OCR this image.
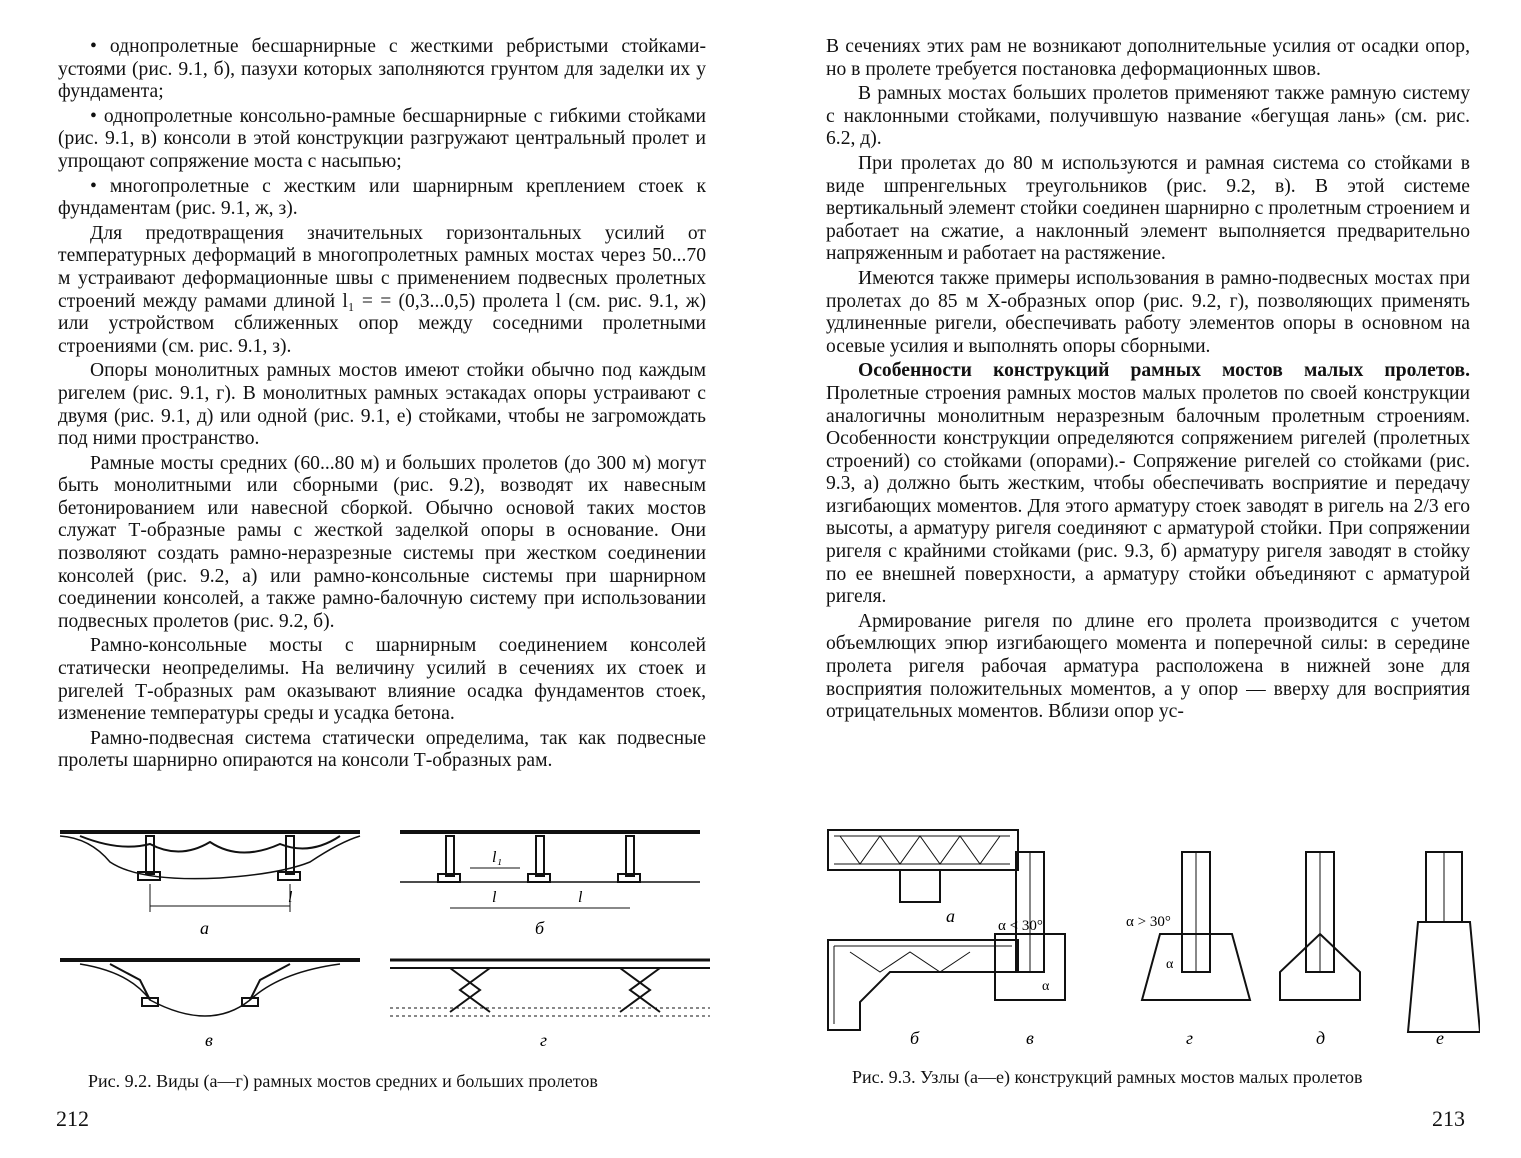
• однопролетные бесшарнирные с жесткими ребристыми стойками-устоями (рис. 9.1, б), пазухи которых заполняются грунтом для заделки их у фундамента;

• однопролетные консольно-рамные бесшарнирные с гибкими стойками (рис. 9.1, в) консоли в этой конструкции разгружают центральный пролет и упрощают сопряжение моста с насыпью;

• многопролетные с жестким или шарнирным креплением стоек к фундаментам (рис. 9.1, ж, з).

Для предотвращения значительных горизонтальных усилий от температурных деформаций в многопролетных рамных мостах через 50...70 м устраивают деформационные швы с применением подвесных пролетных строений между рамами длиной l₁ = = (0,3...0,5) пролета l (см. рис. 9.1, ж) или устройством сближенных опор между соседними пролетными строениями (см. рис. 9.1, з).

Опоры монолитных рамных мостов имеют стойки обычно под каждым ригелем (рис. 9.1, г). В монолитных рамных эстакадах опоры устраивают с двумя (рис. 9.1, д) или одной (рис. 9.1, е) стойками, чтобы не загромождать под ними пространство.

Рамные мосты средних (60...80 м) и больших пролетов (до 300 м) могут быть монолитными или сборными (рис. 9.2), возводят их навесным бетонированием или навесной сборкой. Обычно основой таких мостов служат Т-образные рамы с жесткой заделкой опоры в основание. Они позволяют создать рамно-неразрезные системы при жестком соединении консолей (рис. 9.2, а) или рамно-консольные системы при шарнирном соединении консолей, а также рамно-балочную систему при использовании подвесных пролетов (рис. 9.2, б).

Рамно-консольные мосты с шарнирным соединением консолей статически неопределимы. На величину усилий в сечениях их стоек и ригелей Т-образных рам оказывают влияние осадка фундаментов стоек, изменение температуры среды и усадка бетона.

Рамно-подвесная система статически определима, так как подвесные пролеты шарнирно опираются на консоли Т-образных рам.

l
l₁
l	l
а	б
в	г
Рис. 9.2. Виды (а—г) рамных мостов средних и больших пролетов
212

В сечениях этих рам не возникают дополнительные усилия от осадки опор, но в пролете требуется постановка деформационных швов.

В рамных мостах больших пролетов применяют также рамную систему с наклонными стойками, получившую название «бегущая лань» (см. рис. 6.2, д).

При пролетах до 80 м используются и рамная система со стойками в виде шпренгельных треугольников (рис. 9.2, в). В этой системе вертикальный элемент стойки соединен шарнирно с пролетным строением и работает на сжатие, а наклонный элемент выполняется предварительно напряженным и работает на растяжение.

Имеются также примеры использования в рамно-подвесных мостах при пролетах до 85 м Х-образных опор (рис. 9.2, г), позволяющих применять удлиненные ригели, обеспечивать работу элементов опоры в основном на осевые усилия и выполнять опоры сборными.

Особенности конструкций рамных мостов малых пролетов. Пролетные строения рамных мостов малых пролетов по своей конструкции аналогичны монолитным неразрезным балочным пролетным строениям. Особенности конструкции определяются сопряжением ригелей (пролетных строений) со стойками (опорами).- Сопряжение ригелей со стойками (рис. 9.3, а) должно быть жестким, чтобы обеспечивать восприятие и передачу изгибающих моментов. Для этого арматуру стоек заводят в ригель на 2/3 его высоты, а арматуру ригеля соединяют с арматурой стойки. При сопряжении ригеля с крайними стойками (рис. 9.3, б) арматуру ригеля заводят в стойку по ее внешней поверхности, а арматуру стойки объединяют с арматурой ригеля.

Армирование ригеля по длине его пролета производится с учетом объемлющих эпюр изгибающего момента и поперечной силы: в середине пролета ригеля рабочая арматура расположена в нижней зоне для восприятия положительных моментов, а у опор — вверху для восприятия отрицательных моментов. Вблизи опор ус-

а
б	в	г	д	е
α < 30°	α > 30°
α
α
Рис. 9.3. Узлы (а—е) конструкций рамных мостов малых пролетов
213
